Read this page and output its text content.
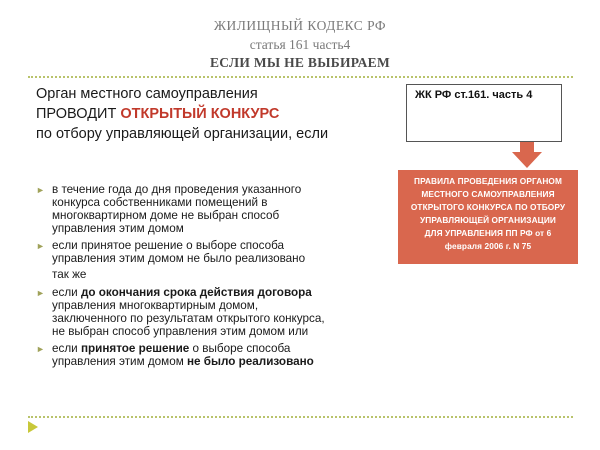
ЖИЛИЩНЫЙ КОДЕКС РФ
статья 161 часть4
ЕСЛИ МЫ НЕ ВЫБИРАЕМ
Орган местного самоуправления
ПРОВОДИТ ОТКРЫТЫЙ КОНКУРС
по отбору управляющей организации, если
ЖК РФ ст.161. часть 4
ПРАВИЛА ПРОВЕДЕНИЯ ОРГАНОМ
МЕСТНОГО САМОУПРАВЛЕНИЯ
ОТКРЫТОГО КОНКУРСА ПО ОТБОРУ
УПРАВЛЯЮЩЕЙ ОРГАНИЗАЦИИ
ДЛЯ УПРАВЛЕНИЯ ПП РФ от 6
февраля 2006 г. N 75
► в течение года до дня проведения указанного
конкурса собственниками помещений в
многоквартирном доме не выбран способ
управления этим домом
► если принятое решение о выборе способа
управления этим домом не было реализовано
так же
► если до окончания срока действия договора
управления многоквартирным домом,
заключенного по результатам открытого конкурса,
не выбран способ управления этим домом или
► если принятое решение о выборе способа
управления этим домом не было реализовано
